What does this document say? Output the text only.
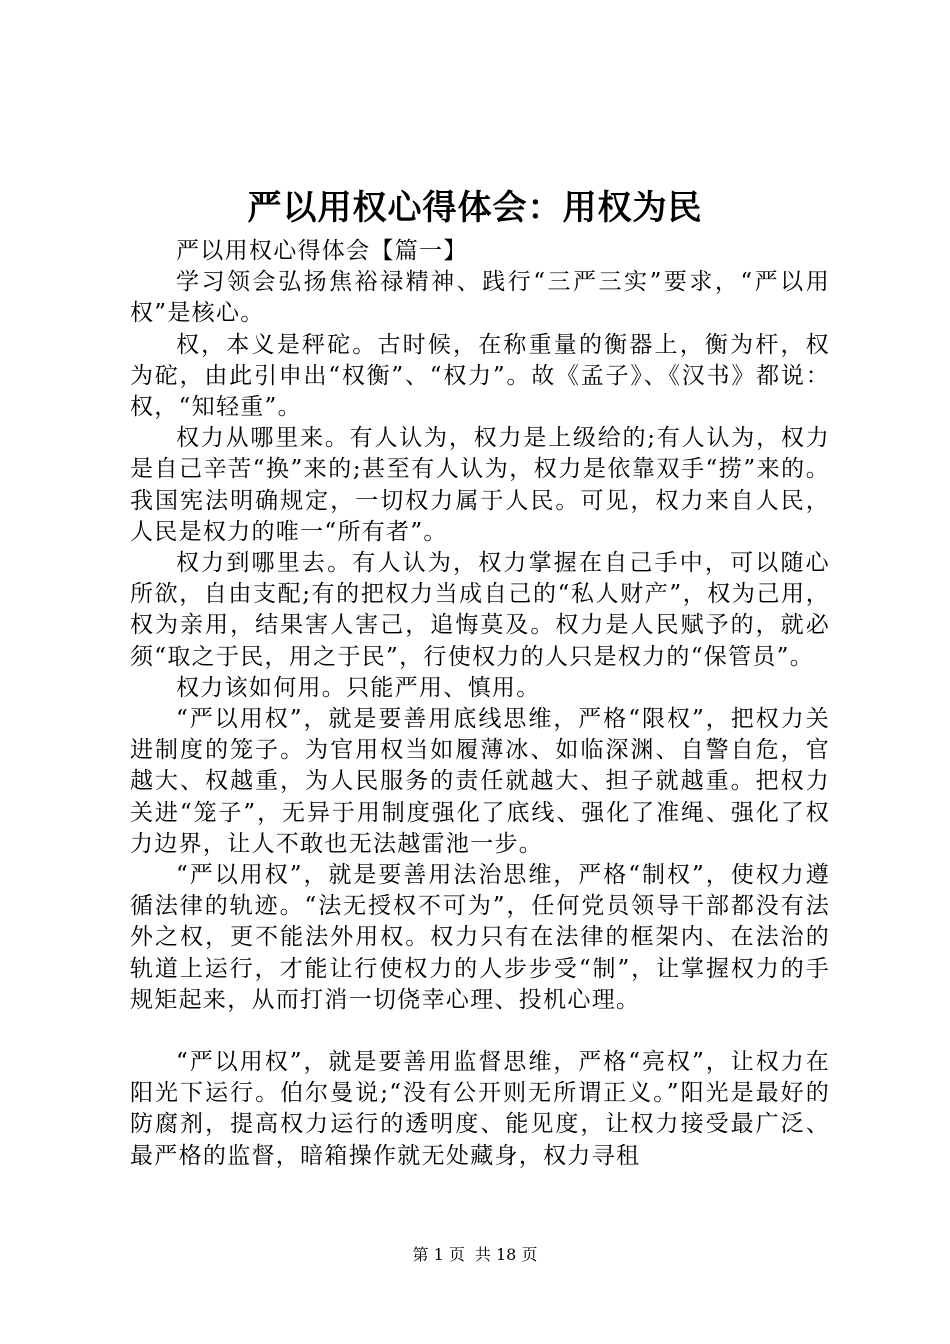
严以用权心得体会：用权为民

严以用权心得体会【篇一】

学习领会弘扬焦裕禄精神、践行“三严三实”要求，“严以用权”是核心。

权，本义是秤砣。古时候，在称重量的衡器上，衡为杆，权为砣，由此引申出“权衡”、“权力”。故《孟子》、《汉书》都说：权，“知轻重”。

权力从哪里来。有人认为，权力是上级给的;有人认为，权力是自己辛苦“换”来的;甚至有人认为，权力是依靠双手“捞”来的。我国宪法明确规定，一切权力属于人民。可见，权力来自人民，人民是权力的唯一“所有者”。

权力到哪里去。有人认为，权力掌握在自己手中，可以随心所欲，自由支配;有的把权力当成自己的“私人财产”，权为己用，权为亲用，结果害人害己，追悔莫及。权力是人民赋予的，就必须“取之于民，用之于民”，行使权力的人只是权力的“保管员”。

权力该如何用。只能严用、慎用。

“严以用权”，就是要善用底线思维，严格“限权”，把权力关进制度的笼子。为官用权当如履薄冰、如临深渊、自警自危，官越大、权越重，为人民服务的责任就越大、担子就越重。把权力关进“笼子”，无异于用制度强化了底线、强化了准绳、强化了权力边界，让人不敢也无法越雷池一步。

“严以用权”，就是要善用法治思维，严格“制权”，使权力遵循法律的轨迹。“法无授权不可为”，任何党员领导干部都没有法外之权，更不能法外用权。权力只有在法律的框架内、在法治的轨道上运行，才能让行使权力的人步步受“制”，让掌握权力的手规矩起来，从而打消一切侥幸心理、投机心理。

“严以用权”，就是要善用监督思维，严格“亮权”，让权力在阳光下运行。伯尔曼说;“没有公开则无所谓正义。”阳光是最好的防腐剂，提高权力运行的透明度、能见度，让权力接受最广泛、最严格的监督，暗箱操作就无处藏身，权力寻租

第 1 页 共 18 页
